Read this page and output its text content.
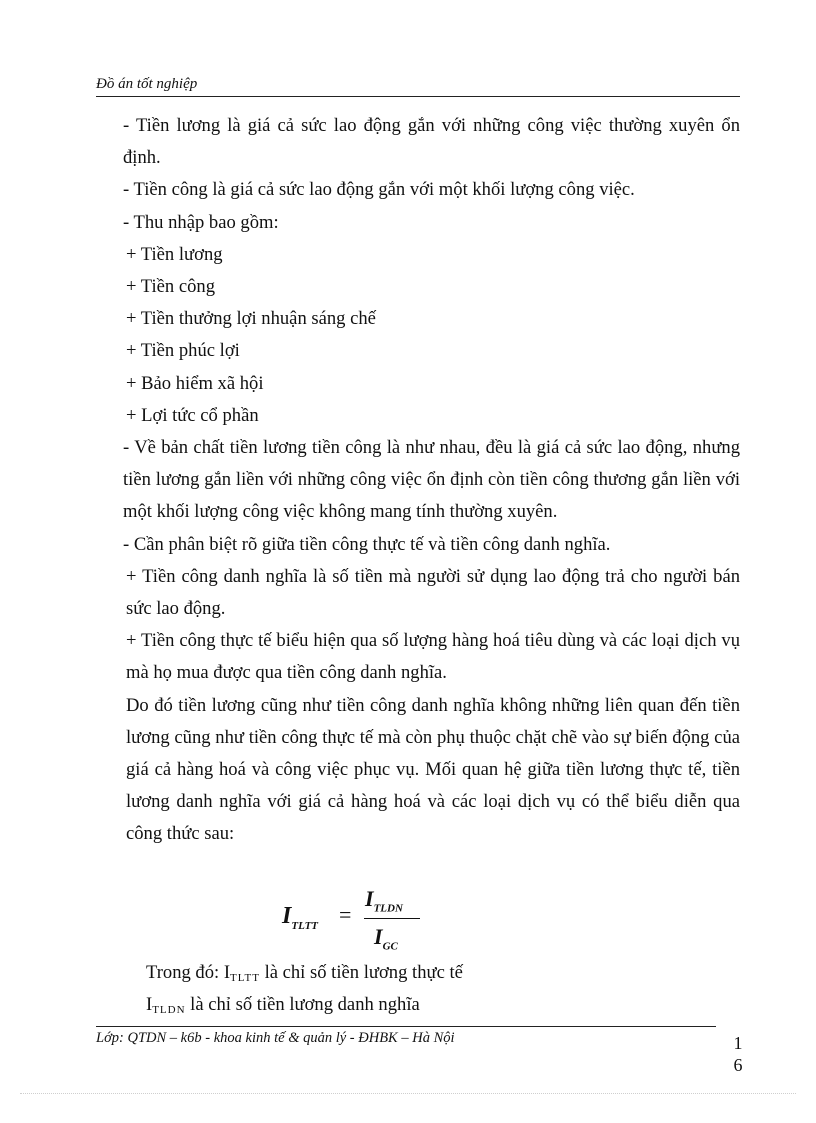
Đồ án tốt nghiệp

- Tiền lương là giá cả sức lao động gắn với những công việc thường xuyên ổn định.

- Tiền công là giá cả sức lao động gắn với một khối lượng công việc.

- Thu nhập bao gồm:

+ Tiền lương

+ Tiền công

+ Tiền thưởng lợi nhuận sáng chế

+ Tiền phúc lợi

+ Bảo hiểm xã hội

+ Lợi tức cổ phần

- Về bản chất tiền lương tiền công là như nhau, đều là giá cả sức lao động, nhưng tiền lương gắn liền với những công việc ổn định còn tiền công thương gắn liền với một khối lượng công việc không mang tính thường xuyên.

- Cần phân biệt rõ giữa tiền công thực tế và tiền công danh nghĩa.

+ Tiền công danh nghĩa là số tiền mà người sử dụng lao động trả cho người bán sức lao động.

+ Tiền công thực tế biểu hiện qua số lượng hàng hoá tiêu dùng và các loại dịch vụ mà họ mua được qua tiền công danh nghĩa.

Do đó tiền lương cũng như tiền công danh nghĩa không những liên quan đến tiền lương cũng như tiền công thực tế mà còn phụ thuộc chặt chẽ vào sự biến động của giá cả hàng hoá và công việc phục vụ. Mối quan hệ giữa tiền lương thực tế, tiền lương danh nghĩa với giá cả hàng hoá và các loại dịch vụ có thể biểu diễn qua công thức sau:

$I_{TLTT}$ =
$I_{TLDN}$
$I_{GC}$
Trong đó: ITLTT là chỉ số tiền lương thực tế
ITLDN là chỉ số tiền lương danh nghĩa
Lớp: QTDN – k6b - khoa kinh tế & quản lý - ĐHBK – Hà Nội	1
6
